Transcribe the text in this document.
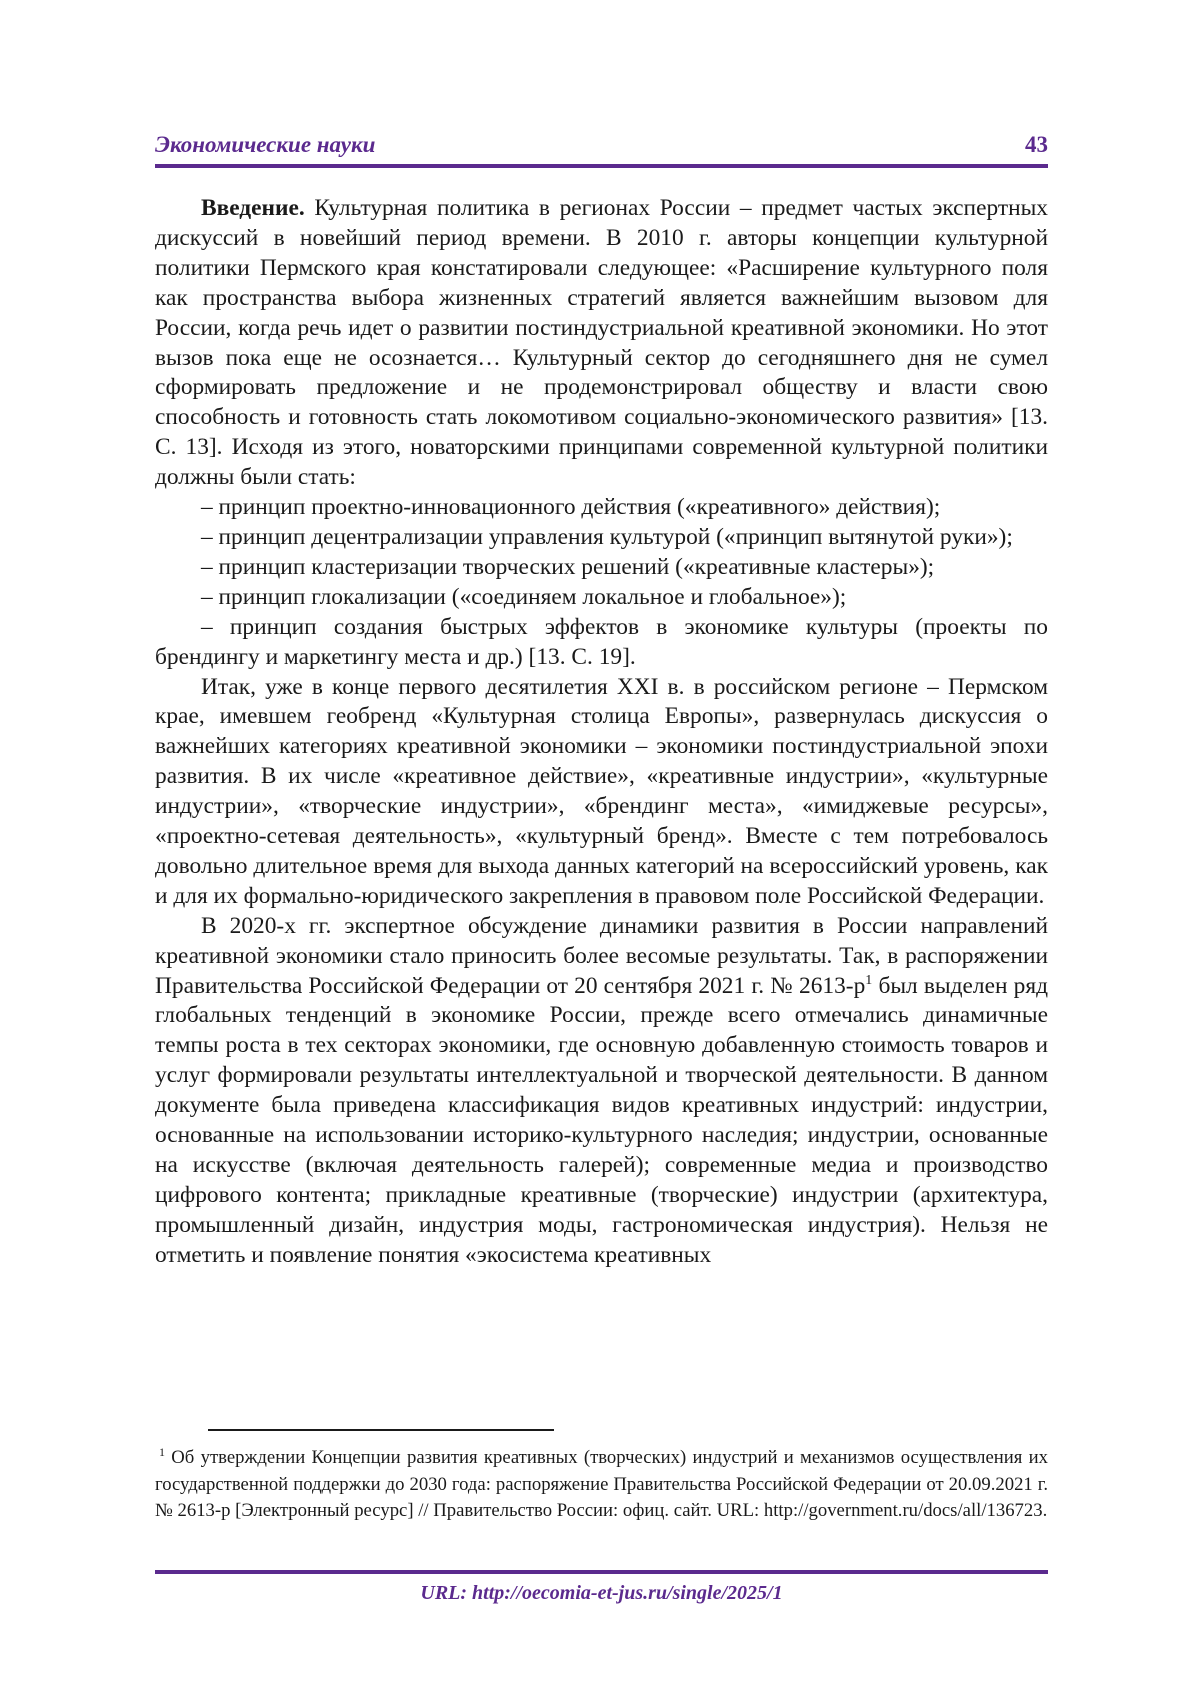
Экономические науки	43

Введение. Культурная политика в регионах России – предмет частых экспертных дискуссий в новейший период времени. В 2010 г. авторы концепции культурной политики Пермского края констатировали следующее: «Расширение культурного поля как пространства выбора жизненных стратегий является важнейшим вызовом для России, когда речь идет о развитии постиндустриальной креативной экономики. Но этот вызов пока еще не осознается… Культурный сектор до сегодняшнего дня не сумел сформировать предложение и не продемонстрировал обществу и власти свою способность и готовность стать локомотивом социально-экономического развития» [13. С. 13]. Исходя из этого, новаторскими принципами современной культурной политики должны были стать:

– принцип проектно-инновационного действия («креативного» действия);

– принцип децентрализации управления культурой («принцип вытянутой руки»);

– принцип кластеризации творческих решений («креативные кластеры»);

– принцип глокализации («соединяем локальное и глобальное»);

– принцип создания быстрых эффектов в экономике культуры (проекты по брендингу и маркетингу места и др.) [13. С. 19].

Итак, уже в конце первого десятилетия XXI в. в российском регионе – Пермском крае, имевшем геобренд «Культурная столица Европы», развернулась дискуссия о важнейших категориях креативной экономики – экономики постиндустриальной эпохи развития. В их числе «креативное действие», «креативные индустрии», «культурные индустрии», «творческие индустрии», «брендинг места», «имиджевые ресурсы», «проектно-сетевая деятельность», «культурный бренд». Вместе с тем потребовалось довольно длительное время для выхода данных категорий на всероссийский уровень, как и для их формально-юридического закрепления в правовом поле Российской Федерации.

В 2020-х гг. экспертное обсуждение динамики развития в России направлений креативной экономики стало приносить более весомые результаты. Так, в распоряжении Правительства Российской Федерации от 20 сентября 2021 г. № 2613-р$^1$ был выделен ряд глобальных тенденций в экономике России, прежде всего отмечались динамичные темпы роста в тех секторах экономики, где основную добавленную стоимость товаров и услуг формировали результаты интеллектуальной и творческой деятельности. В данном документе была приведена классификация видов креативных индустрий: индустрии, основанные на использовании историко-культурного наследия; индустрии, основанные на искусстве (включая деятельность галерей); современные медиа и производство цифрового контента; прикладные креативные (творческие) индустрии (архитектура, промышленный дизайн, индустрия моды, гастрономическая индустрия). Нельзя не отметить и появление понятия «экосистема креативных

$^1$ Об утверждении Концепции развития креативных (творческих) индустрий и механизмов осуществления их государственной поддержки до 2030 года: распоряжение Правительства Российской Федерации от 20.09.2021 г. № 2613-р [Электронный ресурс] // Правительство России: офиц. сайт. URL: http://government.ru/docs/all/136723.
URL: http://oecomia-et-jus.ru/single/2025/1
